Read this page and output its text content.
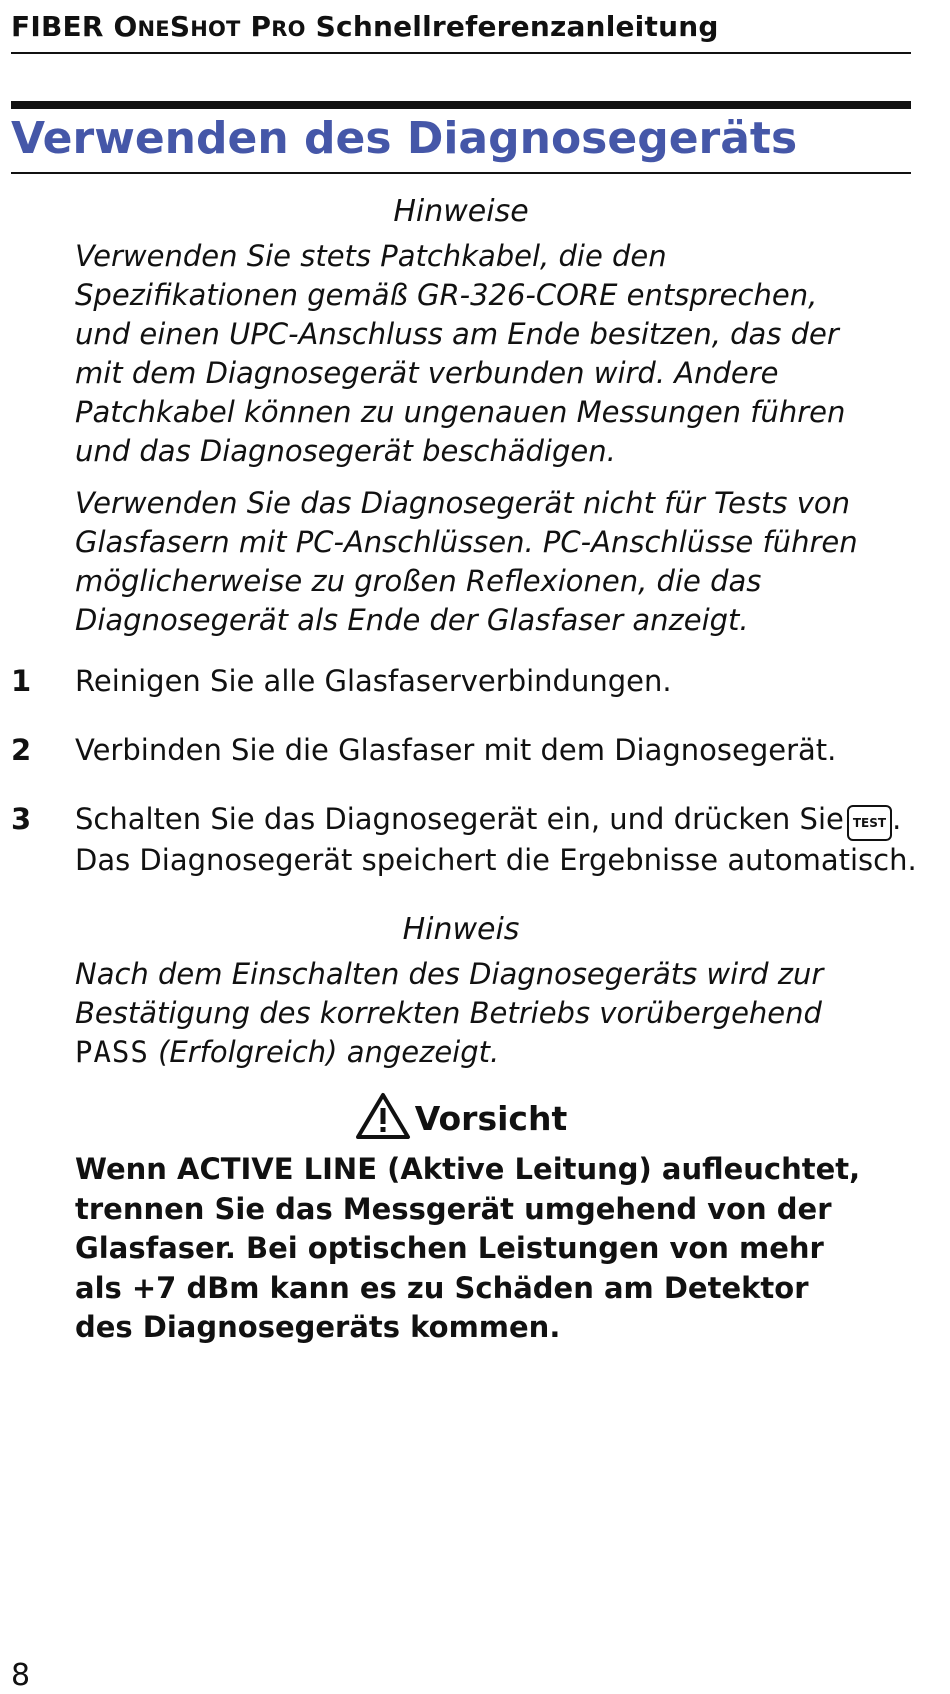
FIBER ONESHOT PRO Schnellreferenzanleitung
Verwenden des Diagnosegeräts
Hinweise

Verwenden Sie stets Patchkabel, die den Spezifikationen gemäß GR-326-CORE entsprechen, und einen UPC-Anschluss am Ende besitzen, das der mit dem Diagnosegerät verbunden wird. Andere Patchkabel können zu ungenauen Messungen führen und das Diagnosegerät beschädigen.

Verwenden Sie das Diagnosegerät nicht für Tests von Glasfasern mit PC-Anschlüssen. PC-Anschlüsse führen möglicherweise zu großen Reflexionen, die das Diagnosegerät als Ende der Glasfaser anzeigt.

1 Reinigen Sie alle Glasfaserverbindungen.
2 Verbinden Sie die Glasfaser mit dem Diagnosegerät.
3 Schalten Sie das Diagnosegerät ein, und drücken Sie TEST .
Das Diagnosegerät speichert die Ergebnisse automatisch.
Hinweis

Nach dem Einschalten des Diagnosegeräts wird zur Bestätigung des korrekten Betriebs vorübergehend PASS (Erfolgreich) angezeigt.

Vorsicht

Wenn ACTIVE LINE (Aktive Leitung) aufleuchtet, trennen Sie das Messgerät umgehend von der Glasfaser. Bei optischen Leistungen von mehr als +7 dBm kann es zu Schäden am Detektor des Diagnosegeräts kommen.

8
